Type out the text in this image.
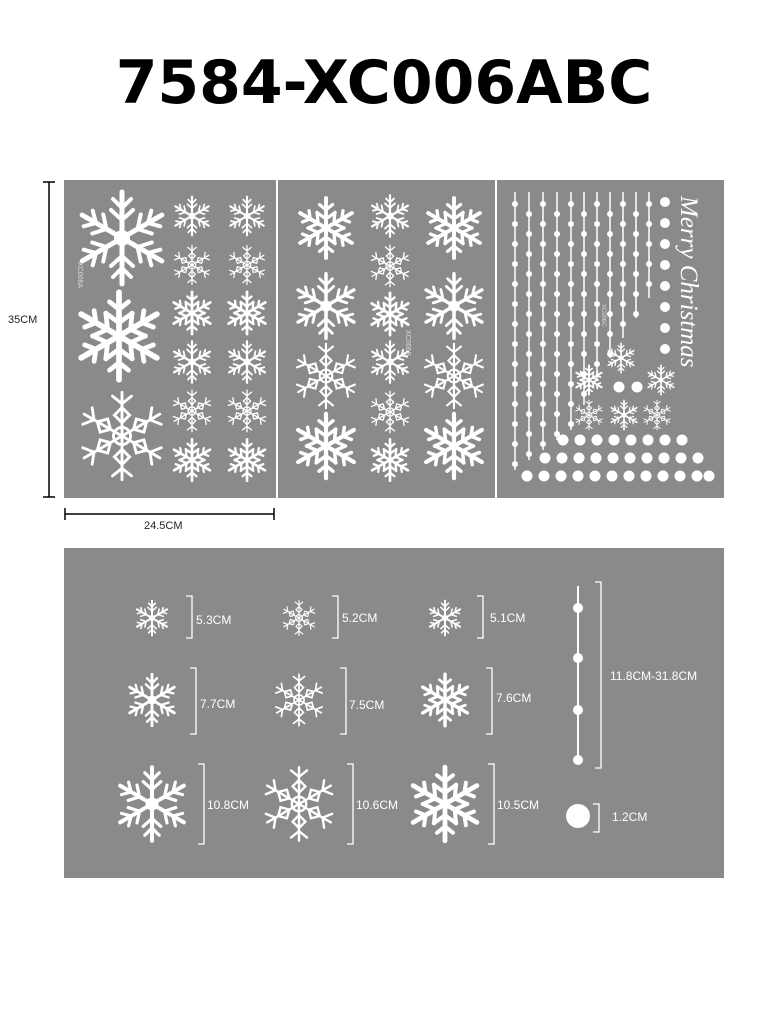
7584-XC006ABC
35CM
24.5CM
XC006A
XC006B	Merry Christmas
XC006C
5.3CM	5.2CM	5.1CM
7.7CM	7.5CM	7.6CM
10.8CM	10.6CM	10.5CM
11.8CM-31.8CM
1.2CM
